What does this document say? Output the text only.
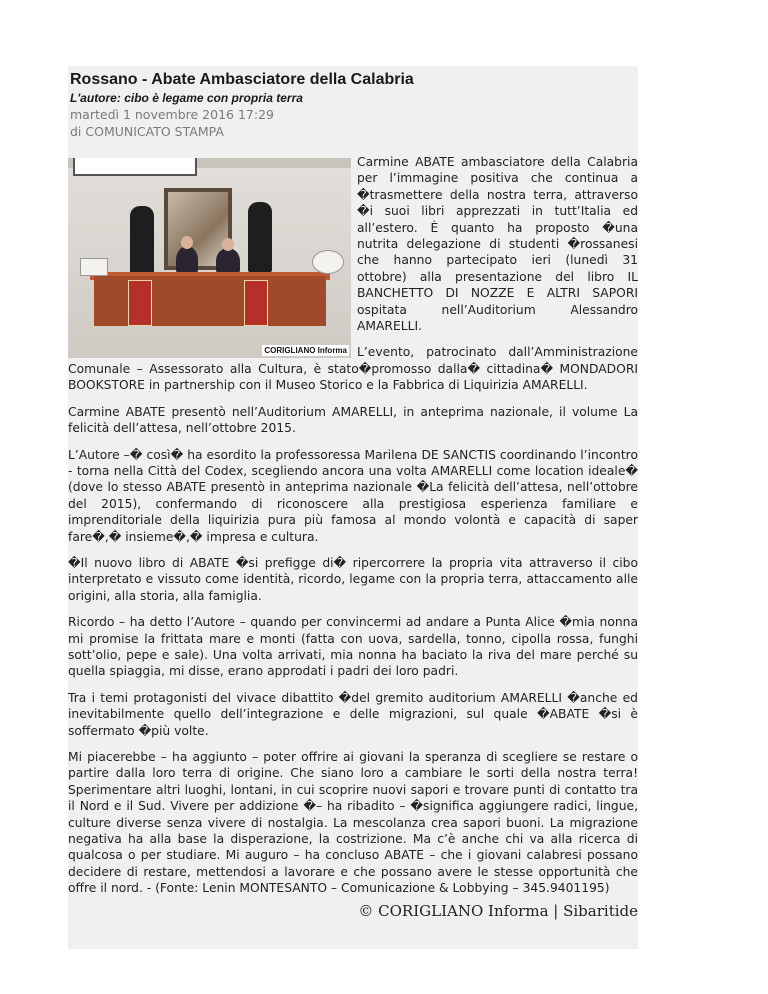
Rossano - Abate Ambasciatore della Calabria

L'autore: cibo è legame con propria terra

martedì 1 novembre 2016 17:29

di COMUNICATO STAMPA

CORIGLIANO Informa

Carmine ABATE ambasciatore della Calabria per l’immagine positiva che continua a �trasmettere della nostra terra, attraverso �i suoi libri apprezzati in tutt’Italia ed all’estero. È quanto ha proposto �una nutrita delegazione di studenti �rossanesi che hanno partecipato ieri (lunedì 31 ottobre) alla presentazione del libro IL BANCHETTO DI NOZZE E ALTRI SAPORI ospitata nell’Auditorium Alessandro AMARELLI.

L’evento, patrocinato dall’Amministrazione Comunale – Assessorato alla Cultura, è stato�promosso dalla� cittadina� MONDADORI BOOKSTORE in partnership con il Museo Storico e la Fabbrica di Liquirizia AMARELLI.

Carmine ABATE presentò nell’Auditorium AMARELLI, in anteprima nazionale, il volume La felicità dell’attesa, nell’ottobre 2015.

L’Autore –� così� ha esordito la professoressa Marilena DE SANCTIS coordinando l’incontro - torna nella Città del Codex, scegliendo ancora una volta AMARELLI come location ideale� (dove lo stesso ABATE presentò in anteprima nazionale �La felicità dell’attesa, nell’ottobre del 2015), confermando di riconoscere alla prestigiosa esperienza familiare e imprenditoriale della liquirizia pura più famosa al mondo volontà e capacità di saper fare�,� insieme�,� impresa e cultura.

�Il nuovo libro di ABATE �si prefigge di� ripercorrere la propria vita attraverso il cibo interpretato e vissuto come identità, ricordo, legame con la propria terra, attaccamento alle origini, alla storia, alla famiglia.

Ricordo – ha detto l’Autore – quando per convincermi ad andare a Punta Alice �mia nonna mi promise la frittata mare e monti (fatta con uova, sardella, tonno, cipolla rossa, funghi sott’olio, pepe e sale). Una volta arrivati, mia nonna ha baciato la riva del mare perché su quella spiaggia, mi disse, erano approdati i padri dei loro padri.

Tra i temi protagonisti del vivace dibattito �del gremito auditorium AMARELLI �anche ed inevitabilmente quello dell’integrazione e delle migrazioni, sul quale �ABATE �si è soffermato �più volte.

Mi piacerebbe – ha aggiunto – poter offrire ai giovani la speranza di scegliere se restare o partire dalla loro terra di origine. Che siano loro a cambiare le sorti della nostra terra! Sperimentare altri luoghi, lontani, in cui scoprire nuovi sapori e trovare punti di contatto tra il Nord e il Sud. Vivere per addizione �– ha ribadito – �significa aggiungere radici, lingue, culture diverse senza vivere di nostalgia. La mescolanza crea sapori buoni. La migrazione negativa ha alla base la disperazione, la costrizione. Ma c’è anche chi va alla ricerca di qualcosa o per studiare. Mi auguro – ha concluso ABATE – che i giovani calabresi possano decidere di restare, mettendosi a lavorare e che possano avere le stesse opportunità che offre il nord. - (Fonte: Lenin MONTESANTO – Comunicazione & Lobbying – 345.9401195)

© CORIGLIANO Informa | Sibaritide
